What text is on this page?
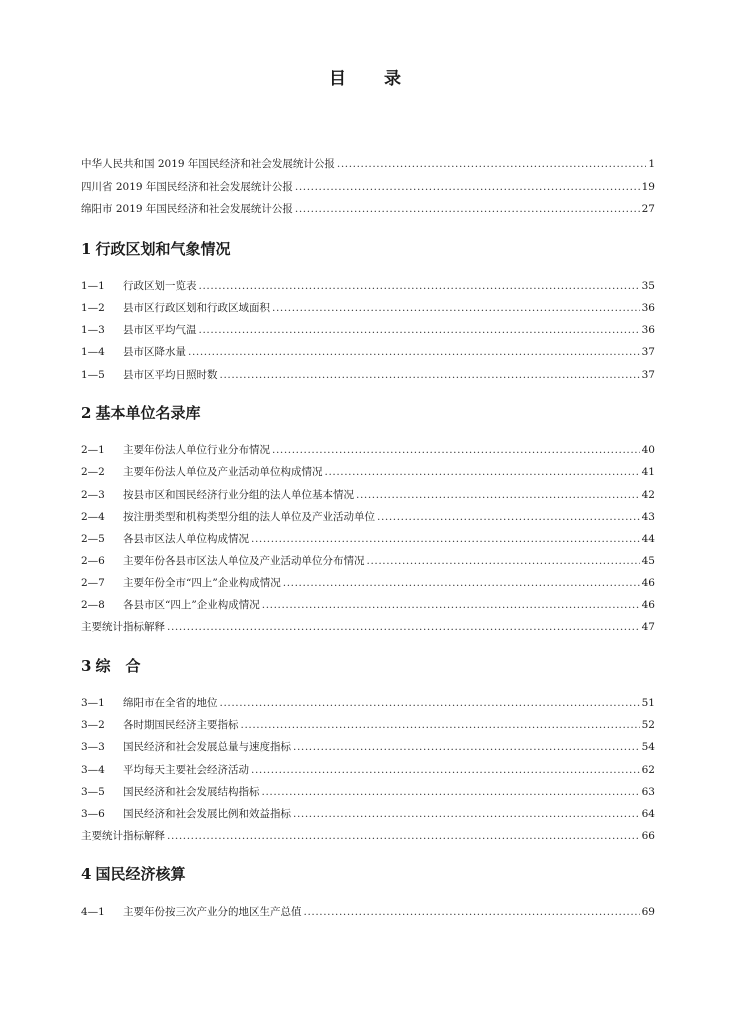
目 录
中华人民共和国 2019 年国民经济和社会发展统计公报 .....	1
四川省 2019 年国民经济和社会发展统计公报 .....	19
绵阳市 2019 年国民经济和社会发展统计公报 .....	27
1 行政区划和气象情况
1—1	行政区划一览表 .....	35
1—2	县市区行政区划和行政区域面积 .....	36
1—3	县市区平均气温 .....	36
1—4	县市区降水量 .....	37
1—5	县市区平均日照时数 .....	37
2 基本单位名录库
2—1	主要年份法人单位行业分布情况 .....	40
2—2	主要年份法人单位及产业活动单位构成情况 .....	41
2—3	按县市区和国民经济行业分组的法人单位基本情况 .....	42
2—4	按注册类型和机构类型分组的法人单位及产业活动单位 .....	43
2—5	各县市区法人单位构成情况 .....	44
2—6	主要年份各县市区法人单位及产业活动单位分布情况 .....	45
2—7	主要年份全市“四上”企业构成情况 .....	46
2—8	各县市区“四上”企业构成情况 .....	46
主要统计指标解释 .....	47
3 综　合
3—1	绵阳市在全省的地位 .....	51
3—2	各时期国民经济主要指标 .....	52
3—3	国民经济和社会发展总量与速度指标 .....	54
3—4	平均每天主要社会经济活动 .....	62
3—5	国民经济和社会发展结构指标 .....	63
3—6	国民经济和社会发展比例和效益指标 .....	64
主要统计指标解释 .....	66
4 国民经济核算
4—1	主要年份按三次产业分的地区生产总值 .....	69
